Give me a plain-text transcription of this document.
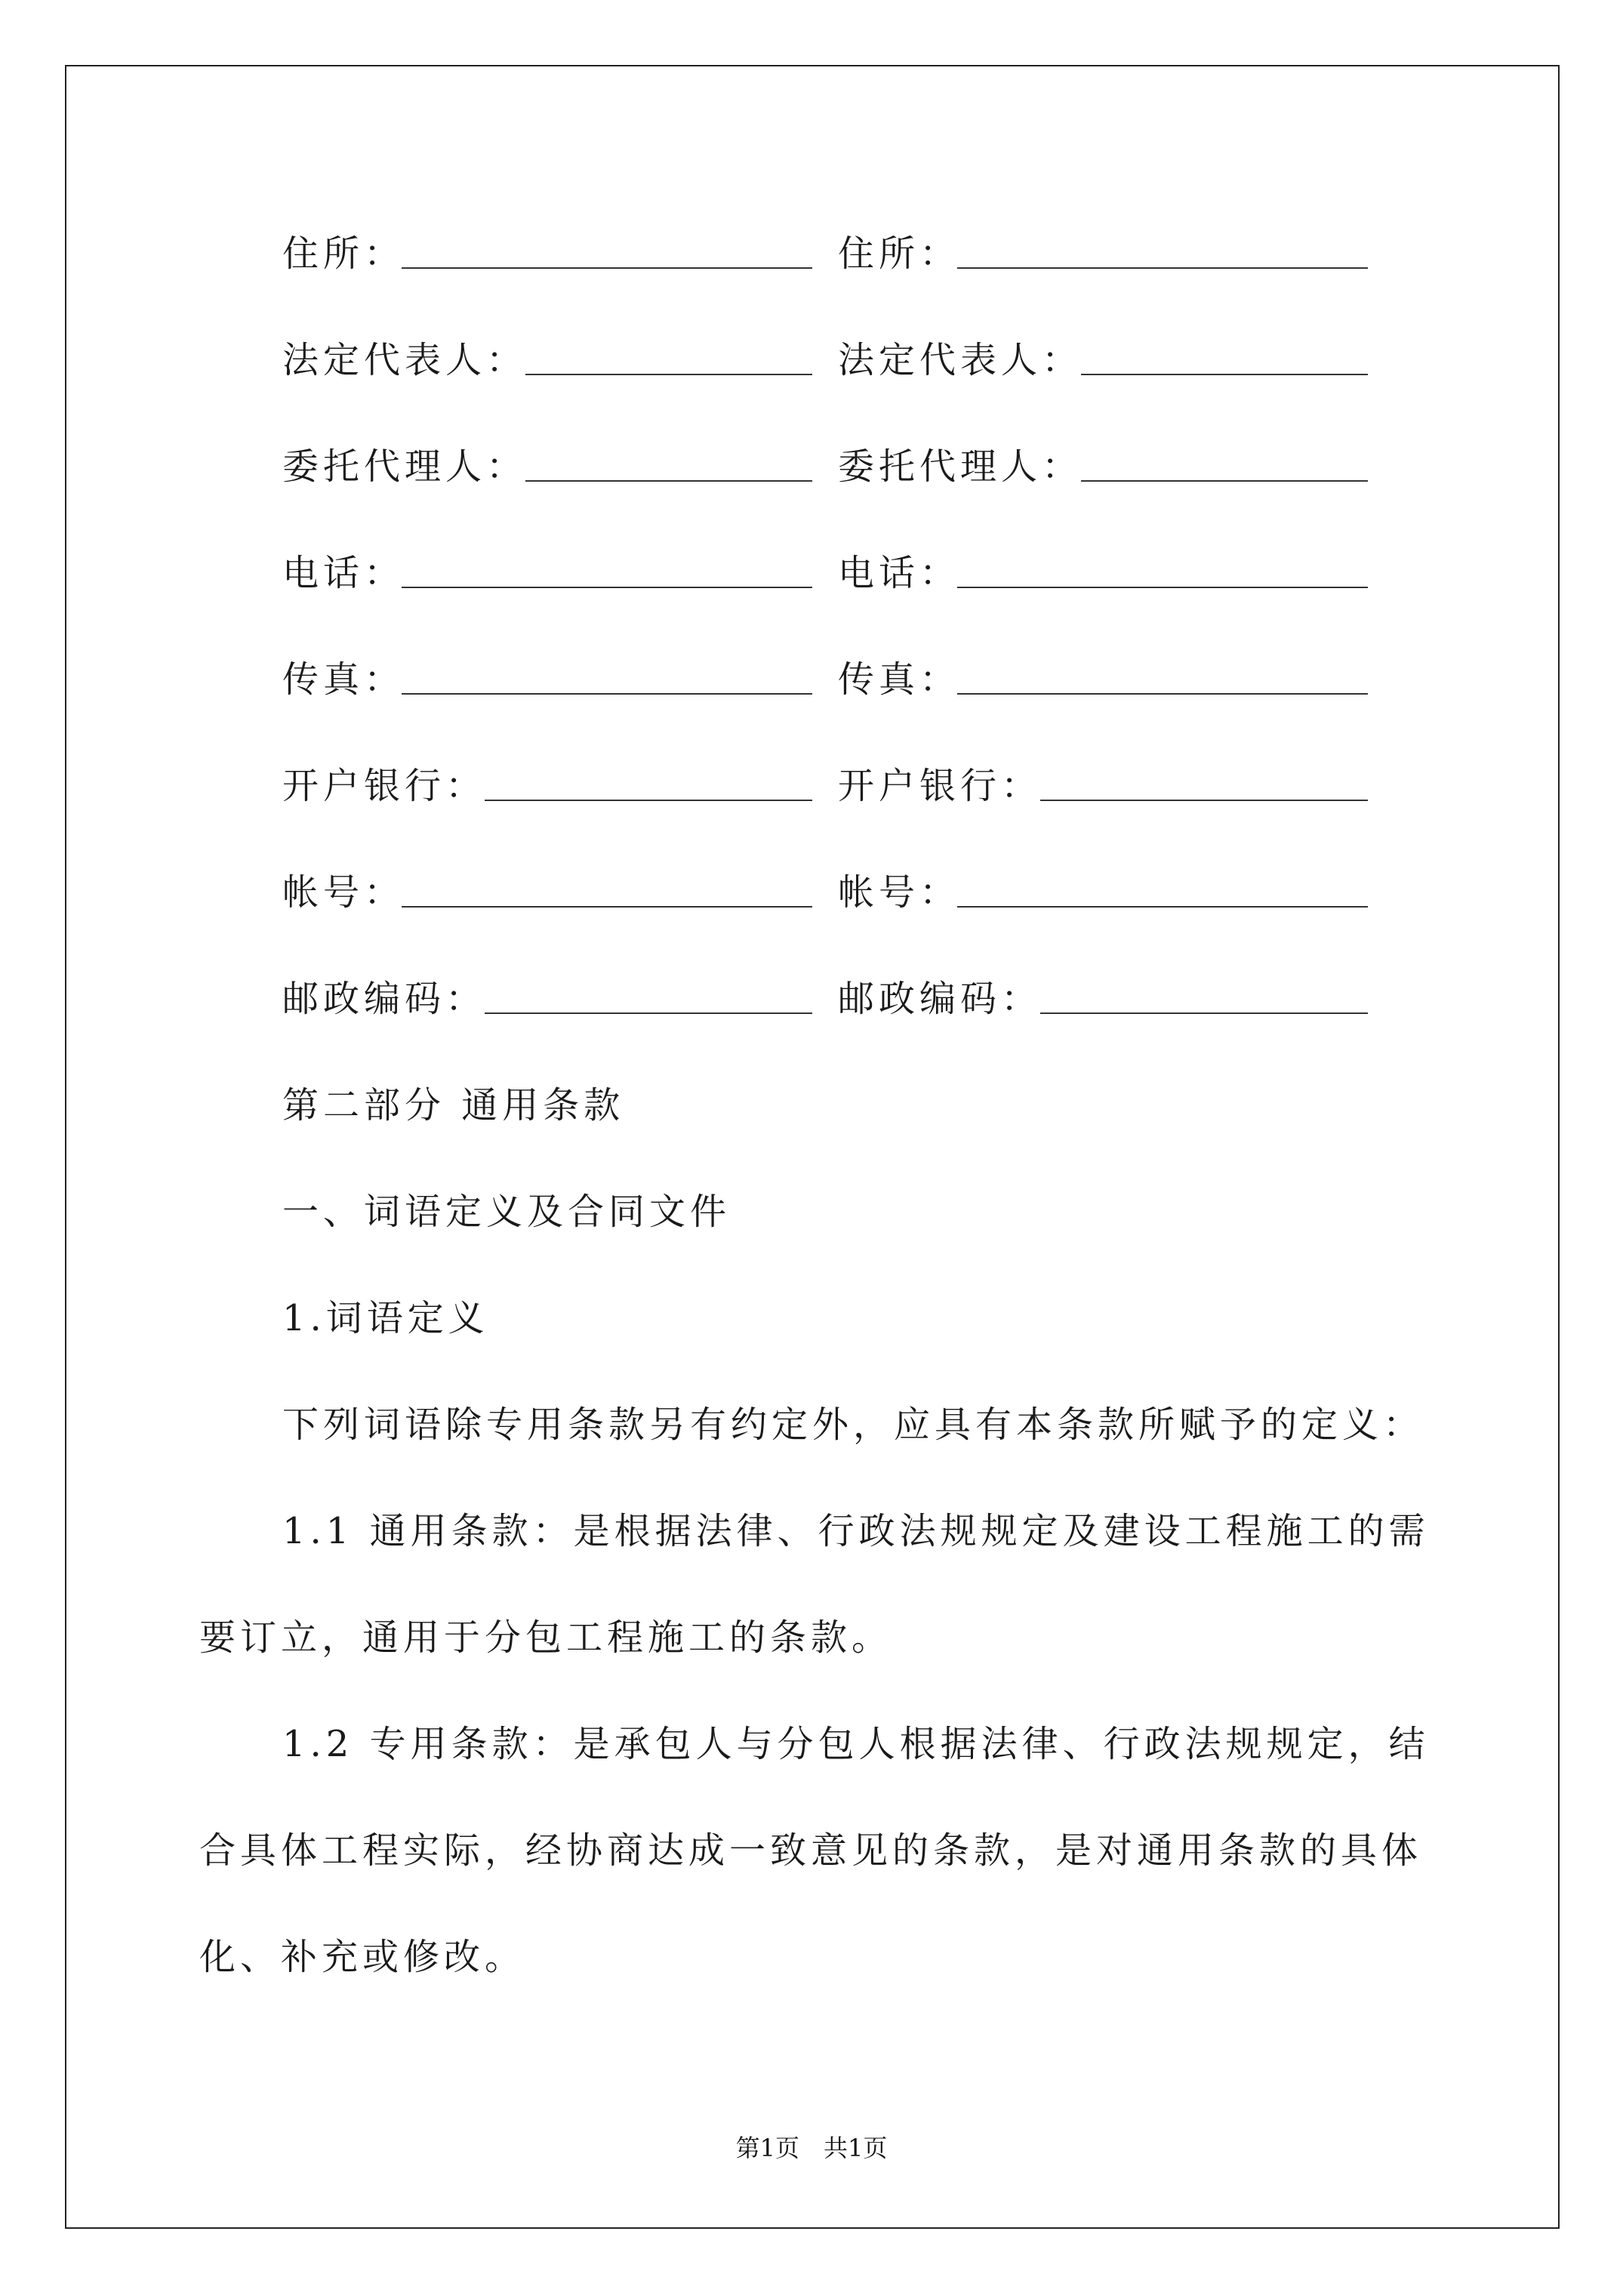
住所：	住所：
法定代表人：	法定代表人：
委托代理人：	委托代理人：
电话：	电话：
传真：	传真：
开户银行：	开户银行：
帐号：	帐号：
邮政编码：	邮政编码：
第二部分 通用条款
一、词语定义及合同文件
1.词语定义
下列词语除专用条款另有约定外，应具有本条款所赋予的定义：
1.1 通用条款：是根据法律、行政法规规定及建设工程施工的需
要订立，通用于分包工程施工的条款。
1.2 专用条款：是承包人与分包人根据法律、行政法规规定，结
合具体工程实际，经协商达成一致意见的条款，是对通用条款的具体
化、补充或修改。
第1页　共1页
